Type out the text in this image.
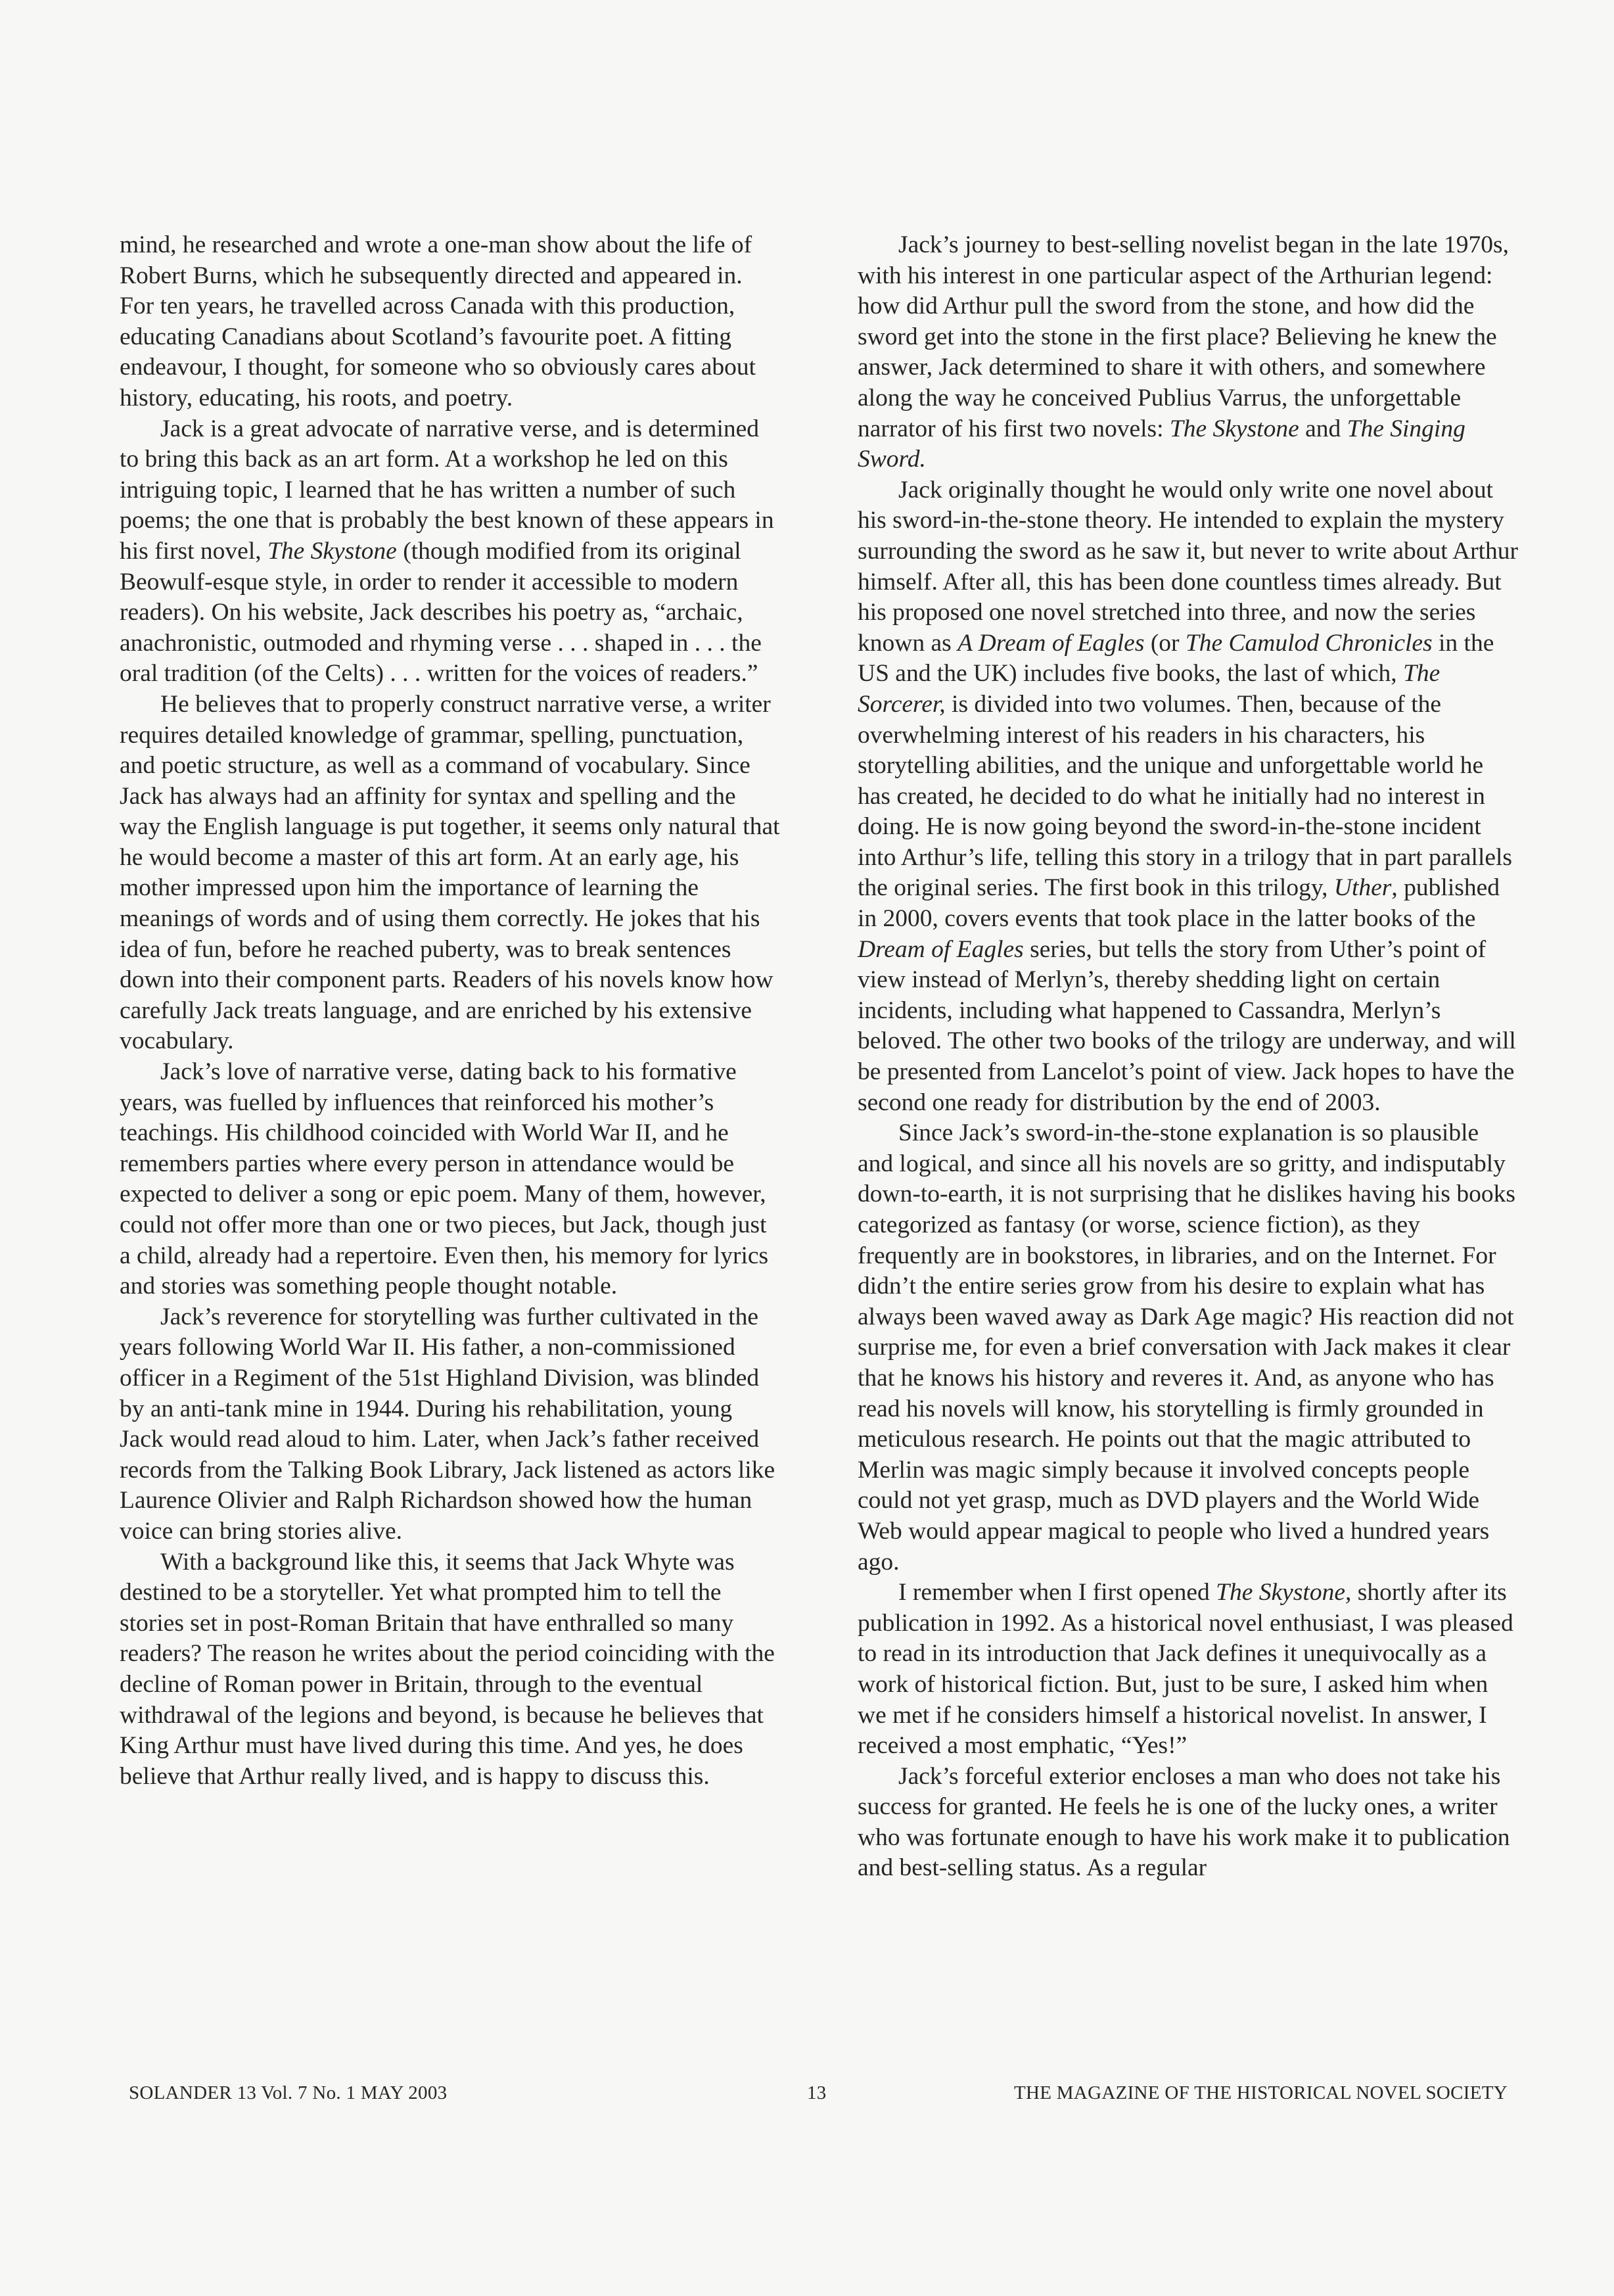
mind, he researched and wrote a one-man show about the life of Robert Burns, which he subsequently directed and appeared in. For ten years, he travelled across Canada with this production, educating Canadians about Scotland’s favourite poet. A fitting endeavour, I thought, for someone who so obviously cares about history, educating, his roots, and poetry.

Jack is a great advocate of narrative verse, and is determined to bring this back as an art form. At a workshop he led on this intriguing topic, I learned that he has written a number of such poems; the one that is probably the best known of these appears in his first novel, The Skystone (though modified from its original Beowulf-esque style, in order to render it accessible to modern readers). On his website, Jack describes his poetry as, “archaic, anachronistic, outmoded and rhyming verse . . . shaped in . . . the oral tradition (of the Celts) . . . written for the voices of readers.”

He believes that to properly construct narrative verse, a writer requires detailed knowledge of grammar, spelling, punctuation, and poetic structure, as well as a command of vocabulary. Since Jack has always had an affinity for syntax and spelling and the way the English language is put together, it seems only natural that he would become a master of this art form. At an early age, his mother impressed upon him the importance of learning the meanings of words and of using them correctly. He jokes that his idea of fun, before he reached puberty, was to break sentences down into their component parts. Readers of his novels know how carefully Jack treats language, and are enriched by his extensive vocabulary.

Jack’s love of narrative verse, dating back to his formative years, was fuelled by influences that reinforced his mother’s teachings. His childhood coincided with World War II, and he remembers parties where every person in attendance would be expected to deliver a song or epic poem. Many of them, however, could not offer more than one or two pieces, but Jack, though just a child, already had a repertoire. Even then, his memory for lyrics and stories was something people thought notable.

Jack’s reverence for storytelling was further cultivated in the years following World War II. His father, a non-commissioned officer in a Regiment of the 51st Highland Division, was blinded by an anti-tank mine in 1944. During his rehabilitation, young Jack would read aloud to him. Later, when Jack’s father received records from the Talking Book Library, Jack listened as actors like Laurence Olivier and Ralph Richardson showed how the human voice can bring stories alive.

With a background like this, it seems that Jack Whyte was destined to be a storyteller. Yet what prompted him to tell the stories set in post-Roman Britain that have enthralled so many readers? The reason he writes about the period coinciding with the decline of Roman power in Britain, through to the eventual withdrawal of the legions and beyond, is because he believes that King Arthur must have lived during this time. And yes, he does believe that Arthur really lived, and is happy to discuss this.

Jack’s journey to best-selling novelist began in the late 1970s, with his interest in one particular aspect of the Arthurian legend: how did Arthur pull the sword from the stone, and how did the sword get into the stone in the first place? Believing he knew the answer, Jack determined to share it with others, and somewhere along the way he conceived Publius Varrus, the unforgettable narrator of his first two novels: The Skystone and The Singing Sword.

Jack originally thought he would only write one novel about his sword-in-the-stone theory. He intended to explain the mystery surrounding the sword as he saw it, but never to write about Arthur himself. After all, this has been done countless times already. But his proposed one novel stretched into three, and now the series known as A Dream of Eagles (or The Camulod Chronicles in the US and the UK) includes five books, the last of which, The Sorcerer, is divided into two volumes. Then, because of the overwhelming interest of his readers in his characters, his storytelling abilities, and the unique and unforgettable world he has created, he decided to do what he initially had no interest in doing. He is now going beyond the sword-in-the-stone incident into Arthur’s life, telling this story in a trilogy that in part parallels the original series. The first book in this trilogy, Uther, published in 2000, covers events that took place in the latter books of the Dream of Eagles series, but tells the story from Uther’s point of view instead of Merlyn’s, thereby shedding light on certain incidents, including what happened to Cassandra, Merlyn’s beloved. The other two books of the trilogy are underway, and will be presented from Lancelot’s point of view. Jack hopes to have the second one ready for distribution by the end of 2003.

Since Jack’s sword-in-the-stone explanation is so plausible and logical, and since all his novels are so gritty, and indisputably down-to-earth, it is not surprising that he dislikes having his books categorized as fantasy (or worse, science fiction), as they frequently are in bookstores, in libraries, and on the Internet. For didn’t the entire series grow from his desire to explain what has always been waved away as Dark Age magic? His reaction did not surprise me, for even a brief conversation with Jack makes it clear that he knows his history and reveres it. And, as anyone who has read his novels will know, his storytelling is firmly grounded in meticulous research. He points out that the magic attributed to Merlin was magic simply because it involved concepts people could not yet grasp, much as DVD players and the World Wide Web would appear magical to people who lived a hundred years ago.

I remember when I first opened The Skystone, shortly after its publication in 1992. As a historical novel enthusiast, I was pleased to read in its introduction that Jack defines it unequivocally as a work of historical fiction. But, just to be sure, I asked him when we met if he considers himself a historical novelist. In answer, I received a most emphatic, “Yes!”

Jack’s forceful exterior encloses a man who does not take his success for granted. He feels he is one of the lucky ones, a writer who was fortunate enough to have his work make it to publication and best-selling status. As a regular

SOLANDER 13 Vol. 7 No. 1 MAY 2003	13	THE MAGAZINE OF THE HISTORICAL NOVEL SOCIETY
